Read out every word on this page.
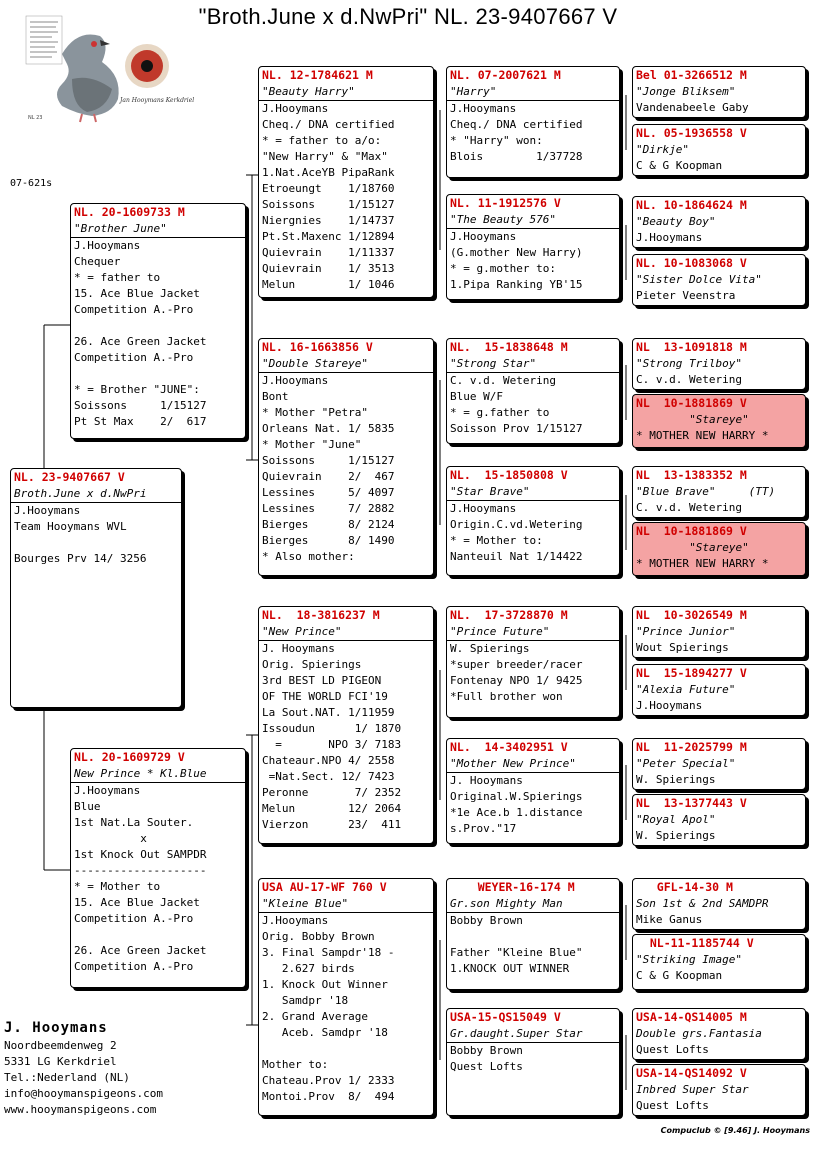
"Broth.June x d.NwPri" NL. 23-9407667 V
NL 23
Jan Hooymans Kerkdriel
07-621s
NL. 23-9407667 V
Broth.June x d.NwPri
J.Hooymans
Team Hooymans WVL
Bourges Prv 14/ 3256
NL. 20-1609733 M
"Brother June"
J.Hooymans
Chequer
* = father to
15. Ace Blue Jacket
Competition A.-Pro
26. Ace Green Jacket
Competition A.-Pro
* = Brother "JUNE":
Soissons     1/15127
Pt St Max    2/  617
NL. 20-1609729 V
New Prince * Kl.Blue
J.Hooymans
Blue
1st Nat.La Souter.
x
1st Knock Out SAMPDR
--------------------
* = Mother to
15. Ace Blue Jacket
Competition A.-Pro
26. Ace Green Jacket
Competition A.-Pro
NL. 12-1784621 M
"Beauty Harry"
J.Hooymans
Cheq./ DNA certified
* = father to a/o:
"New Harry" & "Max"
1.Nat.AceYB PipaRank
Etroeungt    1/18760
Soissons     1/15127
Niergnies    1/14737
Pt.St.Maxenc 1/12894
Quievrain    1/11337
Quievrain    1/ 3513
Melun        1/ 1046
NL. 16-1663856 V
"Double Stareye"
J.Hooymans
Bont
* Mother "Petra"
Orleans Nat. 1/ 5835
* Mother "June"
Soissons     1/15127
Quievrain    2/  467
Lessines     5/ 4097
Lessines     7/ 2882
Bierges      8/ 2124
Bierges      8/ 1490
* Also mother:
NL.  18-3816237 M
"New Prince"
J. Hooymans
Orig. Spierings
3rd BEST LD PIGEON
OF THE WORLD FCI'19
La Sout.NAT. 1/11959
Issoudun      1/ 1870
=       NPO 3/ 7183
Chateaur.NPO 4/ 2558
=Nat.Sect. 12/ 7423
Peronne       7/ 2352
Melun        12/ 2064
Vierzon      23/  411
USA AU-17-WF 760 V
"Kleine Blue"
J.Hooymans
Orig. Bobby Brown
3. Final Sampdr'18 -
2.627 birds
1. Knock Out Winner
Samdpr '18
2. Grand Average
Aceb. Samdpr '18
Mother to:
Chateau.Prov 1/ 2333
Montoi.Prov  8/  494
NL. 07-2007621 M
"Harry"
J.Hooymans
Cheq./ DNA certified
* "Harry" won:
Blois        1/37728
NL. 11-1912576 V
"The Beauty 576"
J.Hooymans
(G.mother New Harry)
* = g.mother to:
1.Pipa Ranking YB'15
NL.  15-1838648 M
"Strong Star"
C. v.d. Wetering
Blue W/F
* = g.father to
Soisson Prov 1/15127
NL.  15-1850808 V
"Star Brave"
J.Hooymans
Origin.C.vd.Wetering
* = Mother to:
Nanteuil Nat 1/14422
NL.  17-3728870 M
"Prince Future"
W. Spierings
*super breeder/racer
Fontenay NPO 1/ 9425
*Full brother won
NL.  14-3402951 V
"Mother New Prince"
J. Hooymans
Original.W.Spierings
*1e Ace.b 1.distance
s.Prov."17
WEYER-16-174 M
Gr.son Mighty Man
Bobby Brown
Father "Kleine Blue"
1.KNOCK OUT WINNER
USA-15-QS15049 V
Gr.daught.Super Star
Bobby Brown
Quest Lofts
Bel 01-3266512 M
"Jonge Bliksem"
Vandenabeele Gaby
NL. 05-1936558 V
"Dirkje"
C & G Koopman
NL. 10-1864624 M
"Beauty Boy"
J.Hooymans
NL. 10-1083068 V
"Sister Dolce Vita"
Pieter Veenstra
NL  13-1091818 M
"Strong Trilboy"
C. v.d. Wetering
NL  10-1881869 V
"Stareye"
* MOTHER NEW HARRY *
NL  13-1383352 M
"Blue Brave"     (TT)
C. v.d. Wetering
NL  10-1881869 V
"Stareye"
* MOTHER NEW HARRY *
NL  10-3026549 M
"Prince Junior"
Wout Spierings
NL  15-1894277 V
"Alexia Future"
J.Hooymans
NL  11-2025799 M
"Peter Special"
W. Spierings
NL  13-1377443 V
"Royal Apol"
W. Spierings
GFL-14-30 M
Son 1st & 2nd SAMDPR
Mike Ganus
NL-11-1185744 V
"Striking Image"
C & G Koopman
USA-14-QS14005 M
Double grs.Fantasia
Quest Lofts
USA-14-QS14092 V
Inbred Super Star
Quest Lofts
J. Hooymans
Noordbeemdenweg 2
5331 LG Kerkdriel
Tel.:Nederland (NL)
info@hooymanspigeons.com
www.hooymanspigeons.com
Compuclub © [9.46] J. Hooymans
